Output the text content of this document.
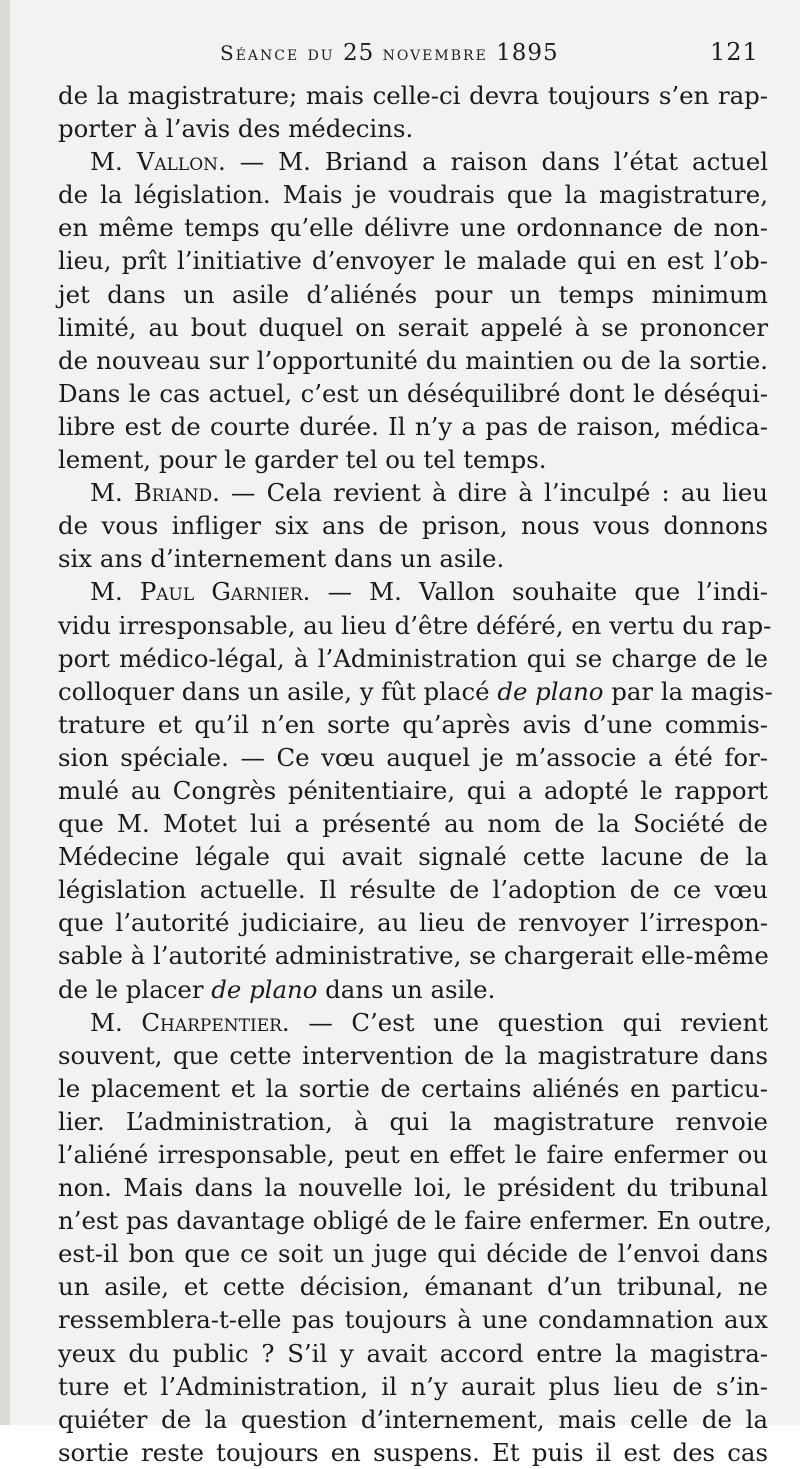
Séance du 25 novembre 1895	121
de la magistrature; mais celle-ci devra toujours s’en rap-
porter à l’avis des médecins.
M. Vallon. — M. Briand a raison dans l’état actuel
de la législation. Mais je voudrais que la magistrature,
en même temps qu’elle délivre une ordonnance de non-
lieu, prît l’initiative d’envoyer le malade qui en est l’ob-
jet dans un asile d’aliénés pour un temps minimum
limité, au bout duquel on serait appelé à se prononcer
de nouveau sur l’opportunité du maintien ou de la sortie.
Dans le cas actuel, c’est un déséquilibré dont le déséqui-
libre est de courte durée. Il n’y a pas de raison, médica-
lement, pour le garder tel ou tel temps.
M. Briand. — Cela revient à dire à l’inculpé : au lieu
de vous infliger six ans de prison, nous vous donnons
six ans d’internement dans un asile.
M. Paul Garnier. — M. Vallon souhaite que l’indi-
vidu irresponsable, au lieu d’être déféré, en vertu du rap-
port médico-légal, à l’Administration qui se charge de le
colloquer dans un asile, y fût placé de plano par la magis-
trature et qu’il n’en sorte qu’après avis d’une commis-
sion spéciale. — Ce vœu auquel je m’associe a été for-
mulé au Congrès pénitentiaire, qui a adopté le rapport
que M. Motet lui a présenté au nom de la Société de
Médecine légale qui avait signalé cette lacune de la
législation actuelle. Il résulte de l’adoption de ce vœu
que l’autorité judiciaire, au lieu de renvoyer l’irrespon-
sable à l’autorité administrative, se chargerait elle-même
de le placer de plano dans un asile.
M. Charpentier. — C’est une question qui revient
souvent, que cette intervention de la magistrature dans
le placement et la sortie de certains aliénés en particu-
lier. L’administration, à qui la magistrature renvoie
l’aliéné irresponsable, peut en effet le faire enfermer ou
non. Mais dans la nouvelle loi, le président du tribunal
n’est pas davantage obligé de le faire enfermer. En outre,
est-il bon que ce soit un juge qui décide de l’envoi dans
un asile, et cette décision, émanant d’un tribunal, ne
ressemblera-t-elle pas toujours à une condamnation aux
yeux du public ? S’il y avait accord entre la magistra-
ture et l’Administration, il n’y aurait plus lieu de s’in-
quiéter de la question d’internement, mais celle de la
sortie reste toujours en suspens. Et puis il est des cas
